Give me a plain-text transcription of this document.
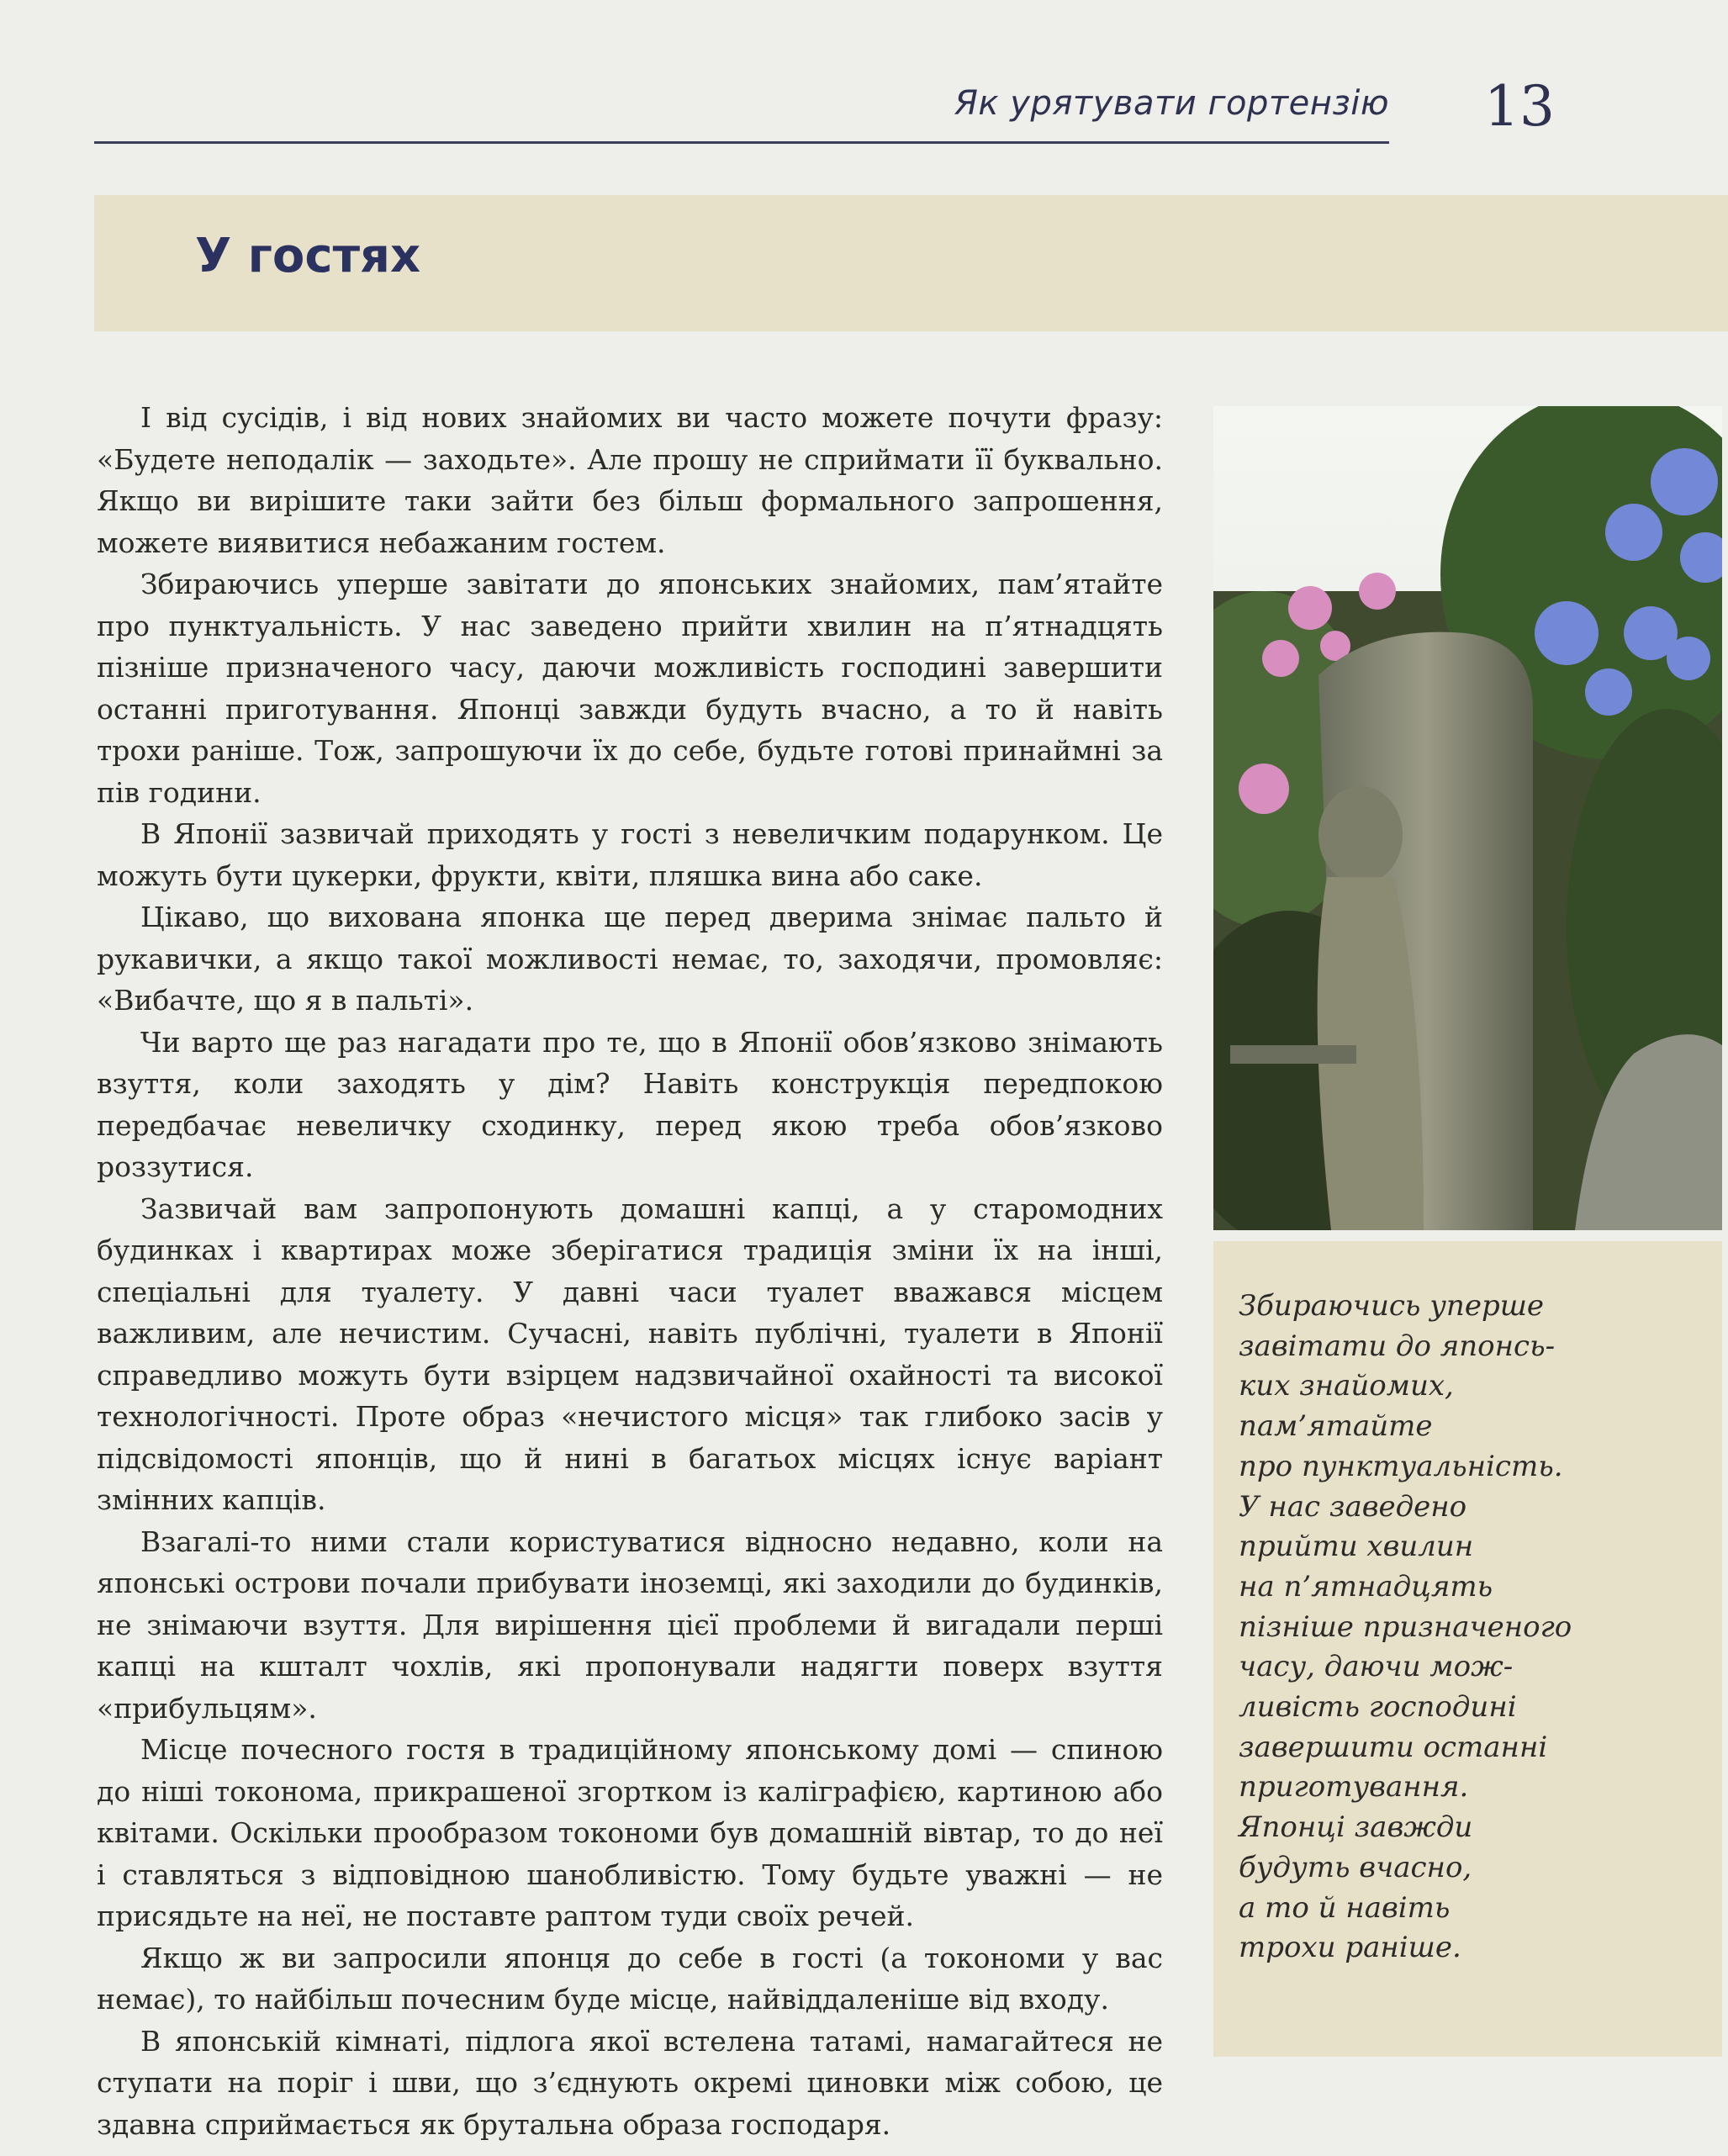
Як урятувати гортензію 13
У гостях

І від сусідів, і від нових знайомих ви часто можете почути фразу: «Будете неподалік — заходьте». Але прошу не сприймати її буквально. Якщо ви вирішите таки зайти без більш формального запрошення, можете виявитися небажаним гостем.

Збираючись уперше завітати до японських знайомих, пам’ятайте про пунктуальність. У нас заведено прийти хвилин на п’ятнадцять пізніше призначеного часу, даючи можливість господині завершити останні приготування. Японці завжди будуть вчасно, а то й навіть трохи раніше. Тож, запрошуючи їх до себе, будьте готові принаймні за пів години.

В Японії зазвичай приходять у гості з невеличким подарунком. Це можуть бути цукерки, фрукти, квіти, пляшка вина або саке.

Цікаво, що вихована японка ще перед дверима знімає пальто й рукавички, а якщо такої можливості немає, то, заходячи, промовляє: «Вибачте, що я в пальті».

Чи варто ще раз нагадати про те, що в Японії обов’язково знімають взуття, коли заходять у дім? Навіть конструкція передпокою передбачає невеличку сходинку, перед якою треба обов’язково роззутися.

Зазвичай вам запропонують домашні капці, а у старомодних будинках і квартирах може зберігатися традиція зміни їх на інші, спеціальні для туалету. У давні часи туалет вважався місцем важливим, але нечистим. Сучасні, навіть публічні, туалети в Японії справедливо можуть бути взірцем надзвичайної охайності та високої технологічності. Проте образ «нечистого місця» так глибоко засів у підсвідомості японців, що й нині в багатьох місцях існує варіант змінних капців.

Взагалі-то ними стали користуватися відносно недавно, коли на японські острови почали прибувати іноземці, які заходили до будинків, не знімаючи взуття. Для вирішення цієї проблеми й вигадали перші капці на кшталт чохлів, які пропонували надягти поверх взуття «прибульцям».

Місце почесного гостя в традиційному японському домі — спиною до ніші токонома, прикрашеної згортком із каліграфією, картиною або квітами. Оскільки прообразом токономи був домашній вівтар, то до неї і ставляться з відповідною шанобливістю. Тому будьте уважні — не присядьте на неї, не поставте раптом туди своїх речей.

Якщо ж ви запросили японця до себе в гості (а токономи у вас немає), то найбільш почесним буде місце, найвіддаленіше від входу.

В японській кімнаті, підлога якої встелена татамі, намагайтеся не ступати на поріг і шви, що з’єднують окремі циновки між собою, це здавна сприймається як брутальна образа господаря.

Збираючись уперше
завітати до японсь-
ких знайомих,
пам’ятайте
про пунктуальність.
У нас заведено
прийти хвилин
на п’ятнадцять
пізніше призначеного
часу, даючи мож-
ливість господині
завершити останні
приготування.
Японці завжди
будуть вчасно,
а то й навіть
трохи раніше.
